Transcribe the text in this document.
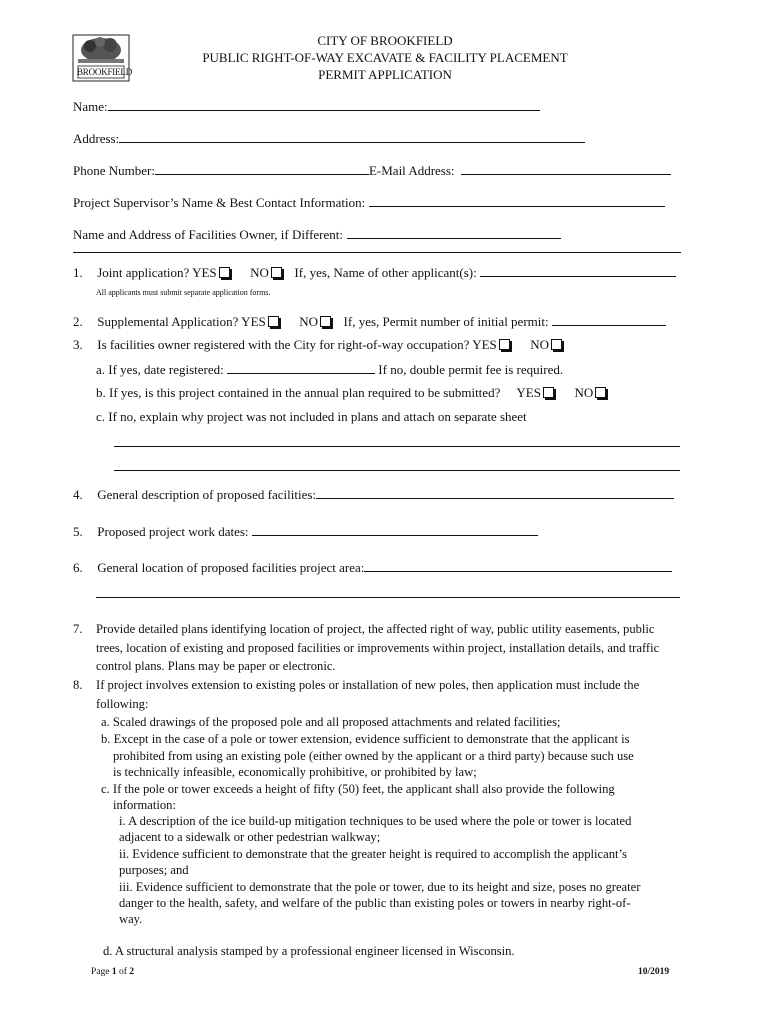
BROOKFIELD
CITY OF BROOKFIELD
PUBLIC RIGHT-OF-WAY EXCAVATE & FACILITY PLACEMENT
PERMIT APPLICATION
Name:
Address:
Phone Number:	E-Mail Address:
Project Supervisor’s Name & Best Contact Information:
Name and Address of Facilities Owner, if Different:
1. Joint application? YES	NO If, yes, Name of other applicant(s):
All applicants must submit separate application forms.
2. Supplemental Application? YES	NO If, yes, Permit number of initial permit:
3. Is facilities owner registered with the City for right-of-way occupation? YES	NO
a. If yes, date registered:	If no, double permit fee is required.
b. If yes, is this project contained in the annual plan required to be submitted? YES	NO
c. If no, explain why project was not included in plans and attach on separate sheet
4. General description of proposed facilities:
5. Proposed project work dates:
6. General location of proposed facilities project area:
7. Provide detailed plans identifying location of project, the affected right of way, public utility easements, public
trees, location of existing and proposed facilities or improvements within project, installation details, and traffic
control plans. Plans may be paper or electronic.
8. If project involves extension to existing poles or installation of new poles, then application must include the
following:
a. Scaled drawings of the proposed pole and all proposed attachments and related facilities;
b. Except in the case of a pole or tower extension, evidence sufficient to demonstrate that the applicant is
prohibited from using an existing pole (either owned by the applicant or a third party) because such use
is technically infeasible, economically prohibitive, or prohibited by law;
c. If the pole or tower exceeds a height of fifty (50) feet, the applicant shall also provide the following
information:
i. A description of the ice build-up mitigation techniques to be used where the pole or tower is located
adjacent to a sidewalk or other pedestrian walkway;
ii. Evidence sufficient to demonstrate that the greater height is required to accomplish the applicant’s
purposes; and
iii. Evidence sufficient to demonstrate that the pole or tower, due to its height and size, poses no greater
danger to the health, safety, and welfare of the public than existing poles or towers in nearby right-of-
way.
d. A structural analysis stamped by a professional engineer licensed in Wisconsin.
Page 1 of 2	10/2019
